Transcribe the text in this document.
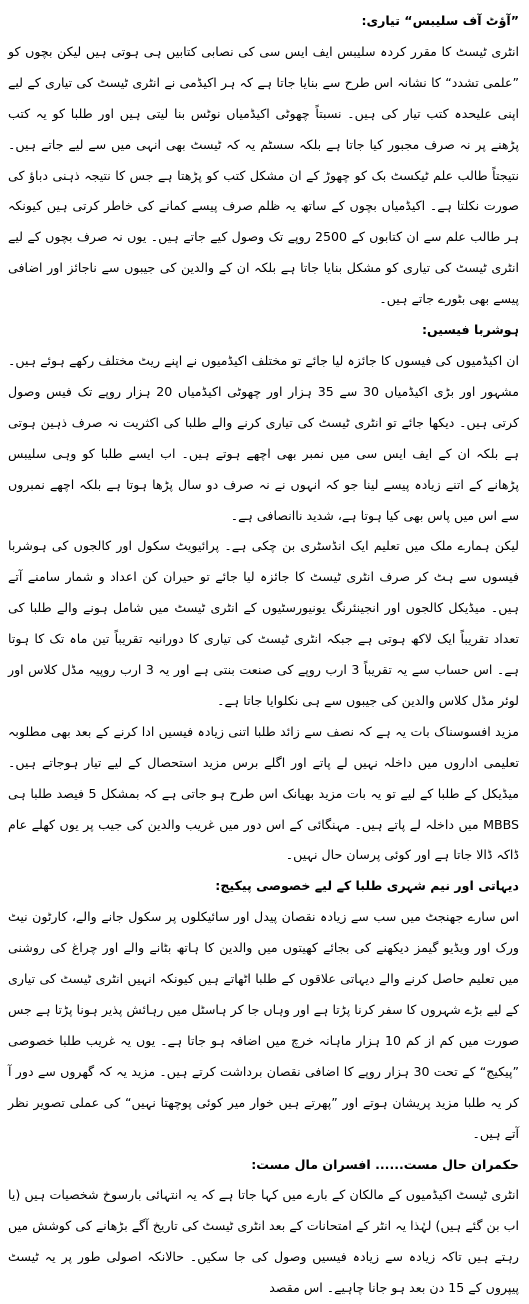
”آؤٹ آف سلیبس“ تیاری:

انٹری ٹیسٹ کا مقرر کردہ سلیبس ایف ایس سی کی نصابی کتابیں ہی ہوتی ہیں لیکن بچوں کو ”علمی تشدد“ کا نشانہ اس طرح سے بنایا جاتا ہے کہ ہر اکیڈمی نے انٹری ٹیسٹ کی تیاری کے لیے اپنی علیحدہ کتب تیار کی ہیں۔ نسبتاً چھوٹی اکیڈمیاں نوٹس بنا لیتی ہیں اور طلبا کو یہ کتب پڑھنے پر نہ صرف مجبور کیا جاتا ہے بلکہ سسٹم یہ کہ ٹیسٹ بھی انہی میں سے لیے جاتے ہیں۔ نتیجتاً طالب علم ٹیکسٹ بک کو چھوڑ کے ان مشکل کتب کو پڑھتا ہے جس کا نتیجہ ذہنی دباؤ کی صورت نکلتا ہے۔ اکیڈمیاں بچوں کے ساتھ یہ ظلم صرف پیسے کمانے کی خاطر کرتی ہیں کیونکہ ہر طالب علم سے ان کتابوں کے 2500 روپے تک وصول کیے جاتے ہیں۔ یوں نہ صرف بچوں کے لیے انٹری ٹیسٹ کی تیاری کو مشکل بنایا جاتا ہے بلکہ ان کے والدین کی جیبوں سے ناجائز اور اضافی پیسے بھی بٹورے جاتے ہیں۔

ہوشربا فیسیں:

ان اکیڈمیوں کی فیسوں کا جائزہ لیا جائے تو مختلف اکیڈمیوں نے اپنے ریٹ مختلف رکھے ہوئے ہیں۔ مشہور اور بڑی اکیڈمیاں 30 سے 35 ہزار اور چھوٹی اکیڈمیاں 20 ہزار روپے تک فیس وصول کرتی ہیں۔ دیکھا جائے تو انٹری ٹیسٹ کی تیاری کرنے والے طلبا کی اکثریت نہ صرف ذہین ہوتی ہے بلکہ ان کے ایف ایس سی میں نمبر بھی اچھے ہوتے ہیں۔ اب ایسے طلبا کو وہی سلیبس پڑھانے کے اتنے زیادہ پیسے لینا جو کہ انہوں نے نہ صرف دو سال پڑھا ہوتا ہے بلکہ اچھے نمبروں سے اس میں پاس بھی کیا ہوتا ہے، شدید ناانصافی ہے۔

لیکن ہمارے ملک میں تعلیم ایک انڈسٹری بن چکی ہے۔ پرائیویٹ سکول اور کالجوں کی ہوشربا فیسوں سے ہٹ کر صرف انٹری ٹیسٹ کا جائزہ لیا جائے تو حیران کن اعداد و شمار سامنے آتے ہیں۔ میڈیکل کالجوں اور انجینئرنگ یونیورسٹیوں کے انٹری ٹیسٹ میں شامل ہونے والے طلبا کی تعداد تقریباً ایک لاکھ ہوتی ہے جبکہ انٹری ٹیسٹ کی تیاری کا دورانیہ تقریباً تین ماہ تک کا ہوتا ہے۔ اس حساب سے یہ تقریباً 3 ارب روپے کی صنعت بنتی ہے اور یہ 3 ارب روپیہ مڈل کلاس اور لوئر مڈل کلاس والدین کی جیبوں سے ہی نکلوایا جاتا ہے۔

مزید افسوسناک بات یہ ہے کہ نصف سے زائد طلبا اتنی زیادہ فیسیں ادا کرنے کے بعد بھی مطلوبہ تعلیمی اداروں میں داخلہ نہیں لے پاتے اور اگلے برس مزید استحصال کے لیے تیار ہوجاتے ہیں۔ میڈیکل کے طلبا کے لیے تو یہ بات مزید بھیانک اس طرح ہو جاتی ہے کہ بمشکل 5 فیصد طلبا ہی MBBS میں داخلہ لے پاتے ہیں۔ مہنگائی کے اس دور میں غریب والدین کی جیب پر یوں کھلے عام ڈاکہ ڈالا جاتا ہے اور کوئی پرسان حال نہیں۔

دیہاتی اور نیم شہری طلبا کے لیے خصوصی پیکیج:

اس سارے جھنجٹ میں سب سے زیادہ نقصان پیدل اور سائیکلوں پر سکول جانے والے، کارٹون نیٹ ورک اور ویڈیو گیمز دیکھنے کی بجائے کھیتوں میں والدین کا ہاتھ بٹانے والے اور چراغ کی روشنی میں تعلیم حاصل کرنے والے دیہاتی علاقوں کے طلبا اٹھاتے ہیں کیونکہ انہیں انٹری ٹیسٹ کی تیاری کے لیے بڑے شہروں کا سفر کرنا پڑتا ہے اور وہاں جا کر ہاسٹل میں رہائش پذیر ہونا پڑتا ہے جس صورت میں کم از کم 10 ہزار ماہانہ خرچ میں اضافہ ہو جاتا ہے۔ یوں یہ غریب طلبا خصوصی ”پیکیج“ کے تحت 30 ہزار روپے کا اضافی نقصان برداشت کرتے ہیں۔ مزید یہ کہ گھروں سے دور آ کر یہ طلبا مزید پریشان ہوتے اور ”پھرتے ہیں خوار میر کوئی پوچھتا نہیں“ کی عملی تصویر نظر آتے ہیں۔

حکمران حال مست...... افسران مال مست:

انٹری ٹیسٹ اکیڈمیوں کے مالکان کے بارے میں کہا جاتا ہے کہ یہ انتہائی بارسوخ شخصیات ہیں (یا اب بن گئے ہیں) لہٰذا یہ انٹر کے امتحانات کے بعد انٹری ٹیسٹ کی تاریخ آگے بڑھانے کی کوشش میں رہتے ہیں تاکہ زیادہ سے زیادہ فیسیں وصول کی جا سکیں۔ حالانکہ اصولی طور پر یہ ٹیسٹ پیپروں کے 15 دن بعد ہو جانا چاہیے۔ اس مقصد
